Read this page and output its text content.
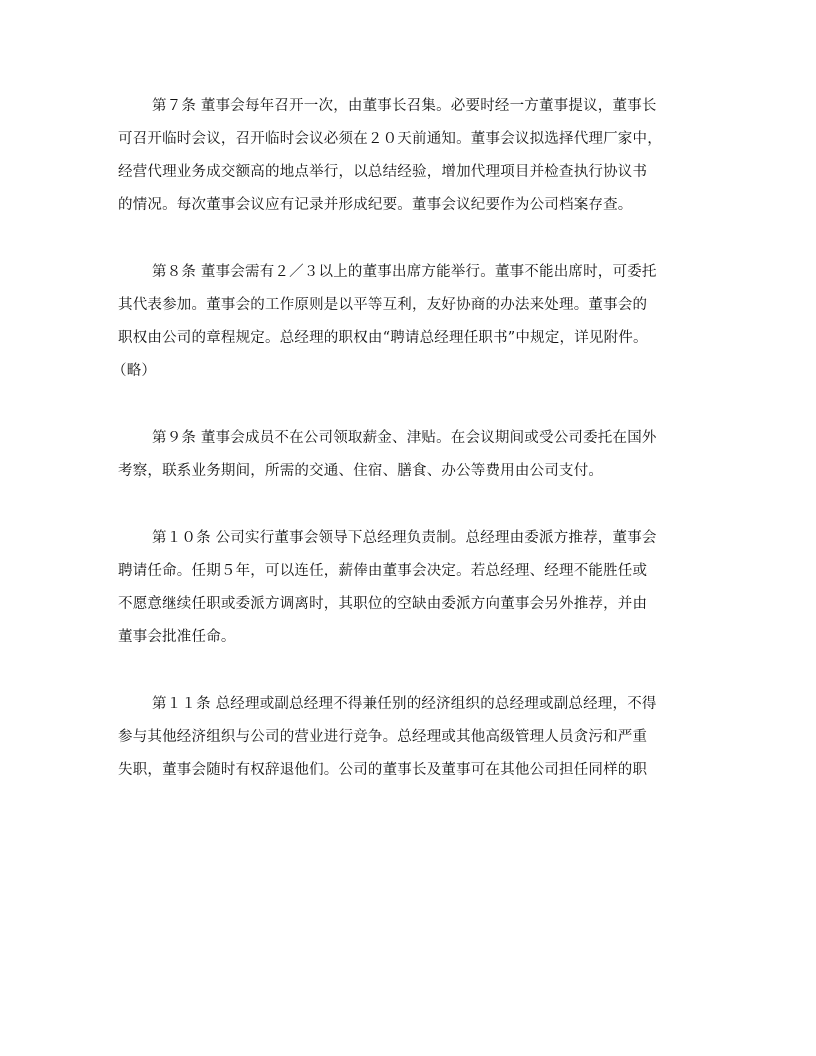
第７条 董事会每年召开一次，由董事长召集。必要时经一方董事提议，董事长
可召开临时会议，召开临时会议必须在２０天前通知。董事会议拟选择代理厂家中，
经营代理业务成交额高的地点举行，以总结经验，增加代理项目并检查执行协议书
的情况。每次董事会议应有记录并形成纪要。董事会议纪要作为公司档案存查。

第８条 董事会需有２／３以上的董事出席方能举行。董事不能出席时，可委托
其代表参加。董事会的工作原则是以平等互利，友好协商的办法来处理。董事会的
职权由公司的章程规定。总经理的职权由“聘请总经理任职书”中规定，详见附件。
（略）

第９条 董事会成员不在公司领取薪金、津贴。在会议期间或受公司委托在国外
考察，联系业务期间，所需的交通、住宿、膳食、办公等费用由公司支付。

第１０条 公司实行董事会领导下总经理负责制。总经理由委派方推荐，董事会
聘请任命。任期５年，可以连任，薪俸由董事会决定。若总经理、经理不能胜任或
不愿意继续任职或委派方调离时，其职位的空缺由委派方向董事会另外推荐，并由
董事会批准任命。

第１１条 总经理或副总经理不得兼任别的经济组织的总经理或副总经理，不得
参与其他经济组织与公司的营业进行竞争。总经理或其他高级管理人员贪污和严重
失职，董事会随时有权辞退他们。公司的董事长及董事可在其他公司担任同样的职
